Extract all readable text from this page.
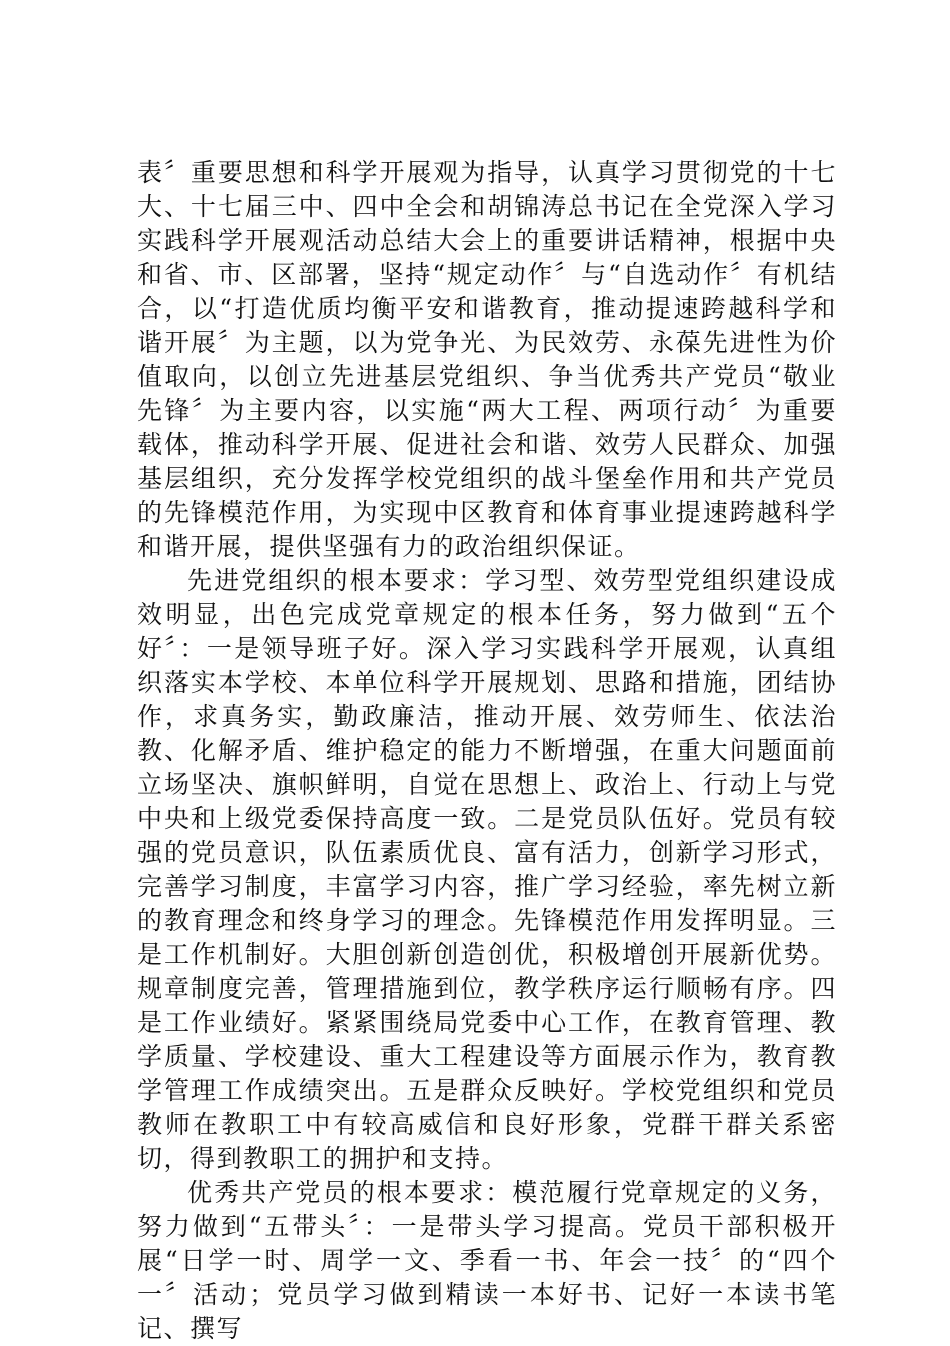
表〞重要思想和科学开展观为指导，认真学习贯彻党的十七大、十七届三中、四中全会和胡锦涛总书记在全党深入学习实践科学开展观活动总结大会上的重要讲话精神，根据中央和省、市、区部署，坚持“规定动作〞与“自选动作〞有机结合，以“打造优质均衡平安和谐教育，推动提速跨越科学和谐开展〞为主题，以为党争光、为民效劳、永葆先进性为价值取向，以创立先进基层党组织、争当优秀共产党员“敬业先锋〞为主要内容，以实施“两大工程、两项行动〞为重要载体，推动科学开展、促进社会和谐、效劳人民群众、加强基层组织，充分发挥学校党组织的战斗堡垒作用和共产党员的先锋模范作用，为实现中区教育和体育事业提速跨越科学和谐开展，提供坚强有力的政治组织保证。

先进党组织的根本要求：学习型、效劳型党组织建设成效明显，出色完成党章规定的根本任务，努力做到“五个好〞：一是领导班子好。深入学习实践科学开展观，认真组织落实本学校、本单位科学开展规划、思路和措施，团结协作，求真务实，勤政廉洁，推动开展、效劳师生、依法治教、化解矛盾、维护稳定的能力不断增强，在重大问题面前立场坚决、旗帜鲜明，自觉在思想上、政治上、行动上与党中央和上级党委保持高度一致。二是党员队伍好。党员有较强的党员意识，队伍素质优良、富有活力，创新学习形式，完善学习制度，丰富学习内容，推广学习经验，率先树立新的教育理念和终身学习的理念。先锋模范作用发挥明显。三是工作机制好。大胆创新创造创优，积极增创开展新优势。规章制度完善，管理措施到位，教学秩序运行顺畅有序。四是工作业绩好。紧紧围绕局党委中心工作，在教育管理、教学质量、学校建设、重大工程建设等方面展示作为，教育教学管理工作成绩突出。五是群众反映好。学校党组织和党员教师在教职工中有较高威信和良好形象，党群干群关系密切，得到教职工的拥护和支持。

优秀共产党员的根本要求：模范履行党章规定的义务，努力做到“五带头〞：一是带头学习提高。党员干部积极开展“日学一时、周学一文、季看一书、年会一技〞的“四个一〞活动；党员学习做到精读一本好书、记好一本读书笔记、撰写
